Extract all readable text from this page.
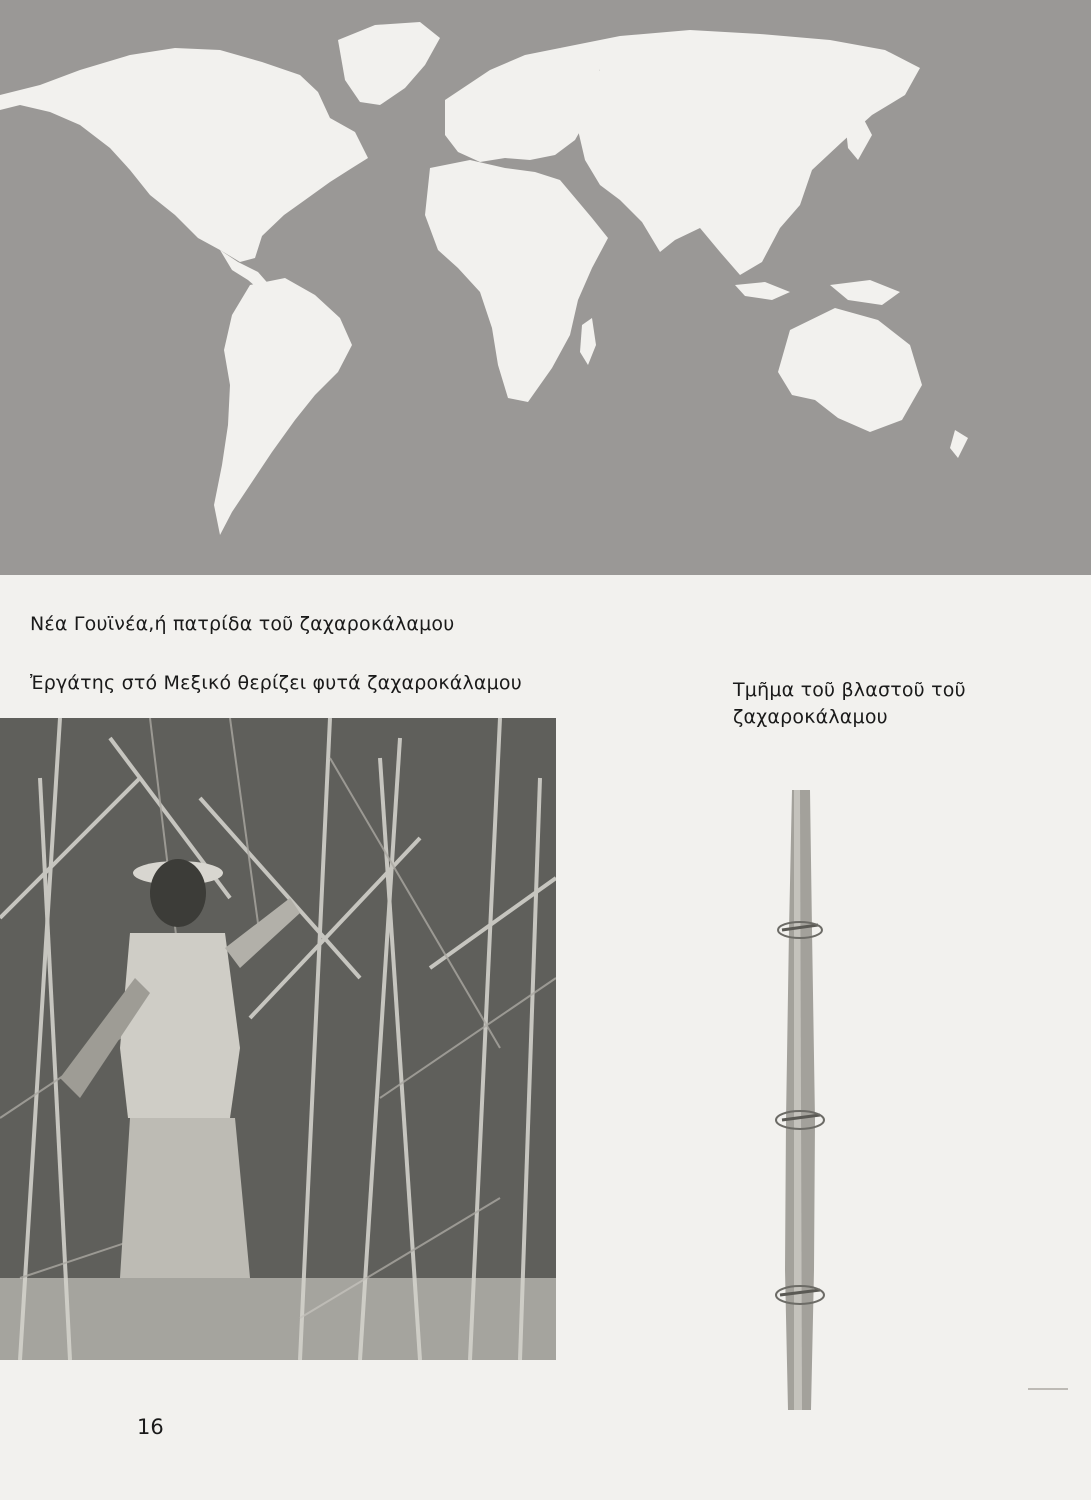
Νέα Γουϊνέα,ή πατρίδα τοῦ ζαχαροκάλαμου
Ἐργάτης στό Μεξικό θερίζει φυτά ζαχαροκάλαμου	Τμῆμα τοῦ βλαστοῦ τοῦ
ζαχαροκάλαμου
16
